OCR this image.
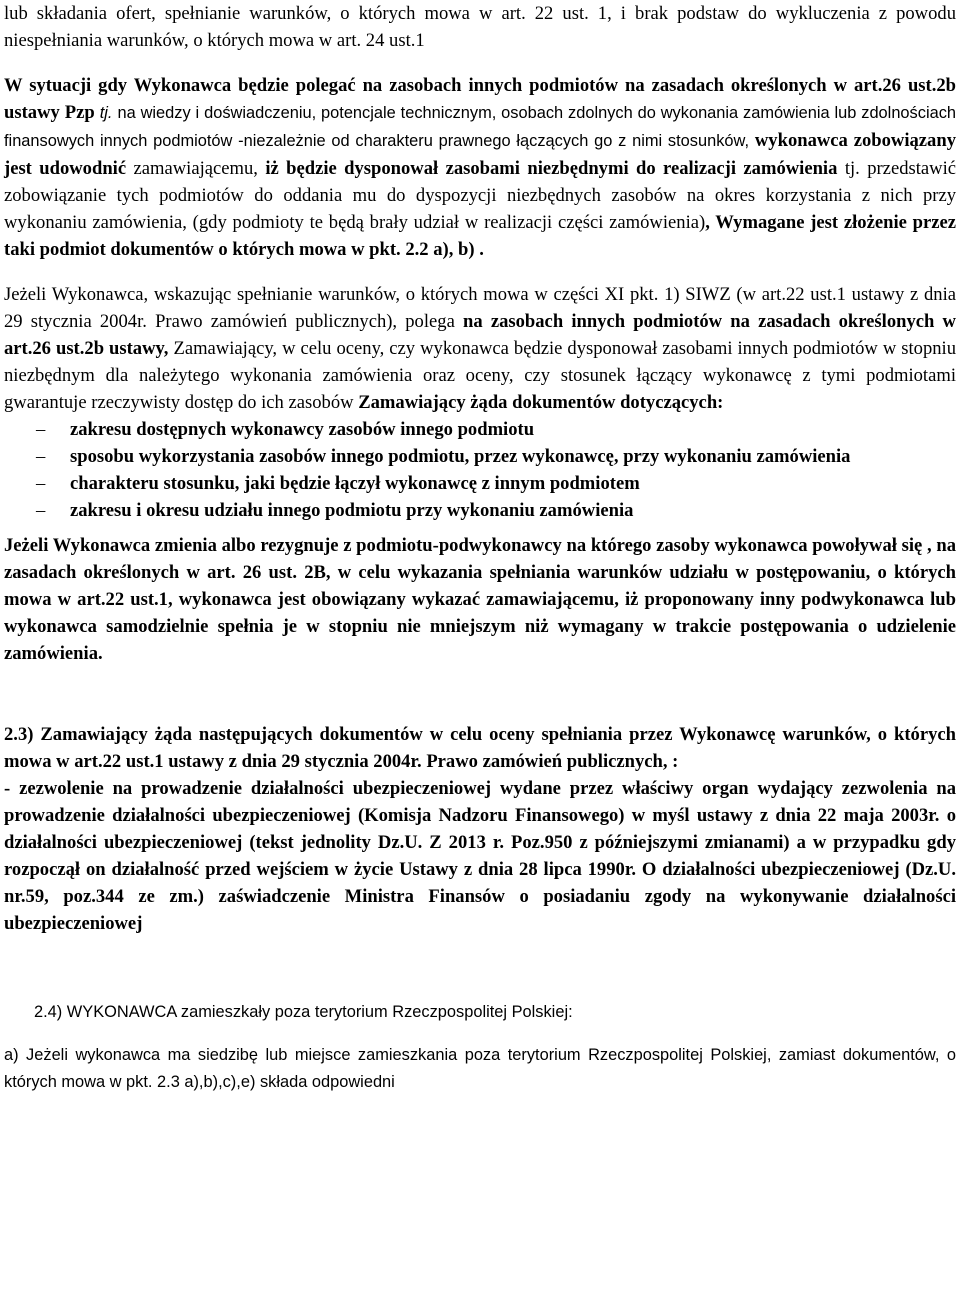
lub składania ofert, spełnianie warunków, o których mowa w art. 22 ust. 1, i brak podstaw do wykluczenia z powodu niespełniania warunków, o których mowa w art. 24 ust.1

W sytuacji gdy Wykonawca będzie polegać na zasobach innych podmiotów na zasadach określonych w art.26 ust.2b ustawy Pzp tj. na wiedzy i doświadczeniu, potencjale technicznym, osobach zdolnych do wykonania zamówienia lub zdolnościach finansowych innych podmiotów -niezależnie od charakteru prawnego łączących go z nimi stosunków, wykonawca zobowiązany jest udowodnić zamawiającemu, iż będzie dysponował zasobami niezbędnymi do realizacji zamówienia tj. przedstawić zobowiązanie tych podmiotów do oddania mu do dyspozycji niezbędnych zasobów na okres korzystania z nich przy wykonaniu zamówienia, (gdy podmioty te będą brały udział w realizacji części zamówienia), Wymagane jest złożenie przez taki podmiot dokumentów o których mowa w pkt. 2.2 a), b) .

Jeżeli Wykonawca, wskazując spełnianie warunków, o których mowa w części XI pkt. 1) SIWZ (w art.22 ust.1 ustawy z dnia 29 stycznia 2004r. Prawo zamówień publicznych), polega na zasobach innych podmiotów na zasadach określonych w art.26 ust.2b ustawy, Zamawiający, w celu oceny, czy wykonawca będzie dysponował zasobami innych podmiotów w stopniu niezbędnym dla należytego wykonania zamówienia oraz oceny, czy stosunek łączący wykonawcę z tymi podmiotami gwarantuje rzeczywisty dostęp do ich zasobów Zamawiający żąda dokumentów dotyczących:

– zakresu dostępnych wykonawcy zasobów innego podmiotu
– sposobu wykorzystania zasobów innego podmiotu, przez wykonawcę, przy wykonaniu zamówienia
– charakteru stosunku, jaki będzie łączył wykonawcę z innym podmiotem
– zakresu i okresu udziału innego podmiotu przy wykonaniu zamówienia

Jeżeli Wykonawca zmienia albo rezygnuje z podmiotu-podwykonawcy na którego zasoby wykonawca powoływał się , na zasadach określonych w art. 26 ust. 2B, w celu wykazania spełniania warunków udziału w postępowaniu, o których mowa w art.22 ust.1, wykonawca jest obowiązany wykazać zamawiającemu, iż proponowany inny podwykonawca lub wykonawca samodzielnie spełnia je w stopniu nie mniejszym niż wymagany w trakcie postępowania o udzielenie zamówienia.

2.3) Zamawiający żąda następujących dokumentów w celu oceny spełniania przez Wykonawcę warunków, o których mowa w art.22 ust.1 ustawy z dnia 29 stycznia 2004r. Prawo zamówień publicznych, :

- zezwolenie na prowadzenie działalności ubezpieczeniowej wydane przez właściwy organ wydający zezwolenia na prowadzenie działalności ubezpieczeniowej (Komisja Nadzoru Finansowego) w myśl ustawy z dnia 22 maja 2003r. o działalności ubezpieczeniowej (tekst jednolity Dz.U. Z 2013 r. Poz.950 z późniejszymi zmianami) a w przypadku gdy rozpoczął on działalność przed wejściem w życie Ustawy z dnia 28 lipca 1990r. O działalności ubezpieczeniowej (Dz.U. nr.59, poz.344 ze zm.) zaświadczenie Ministra Finansów o posiadaniu zgody na wykonywanie działalności ubezpieczeniowej

2.4) WYKONAWCA zamieszkały poza terytorium Rzeczpospolitej Polskiej:

a) Jeżeli wykonawca ma siedzibę lub miejsce zamieszkania poza terytorium Rzeczpospolitej Polskiej, zamiast dokumentów, o których mowa w pkt. 2.3 a),b),c),e) składa odpowiedni
